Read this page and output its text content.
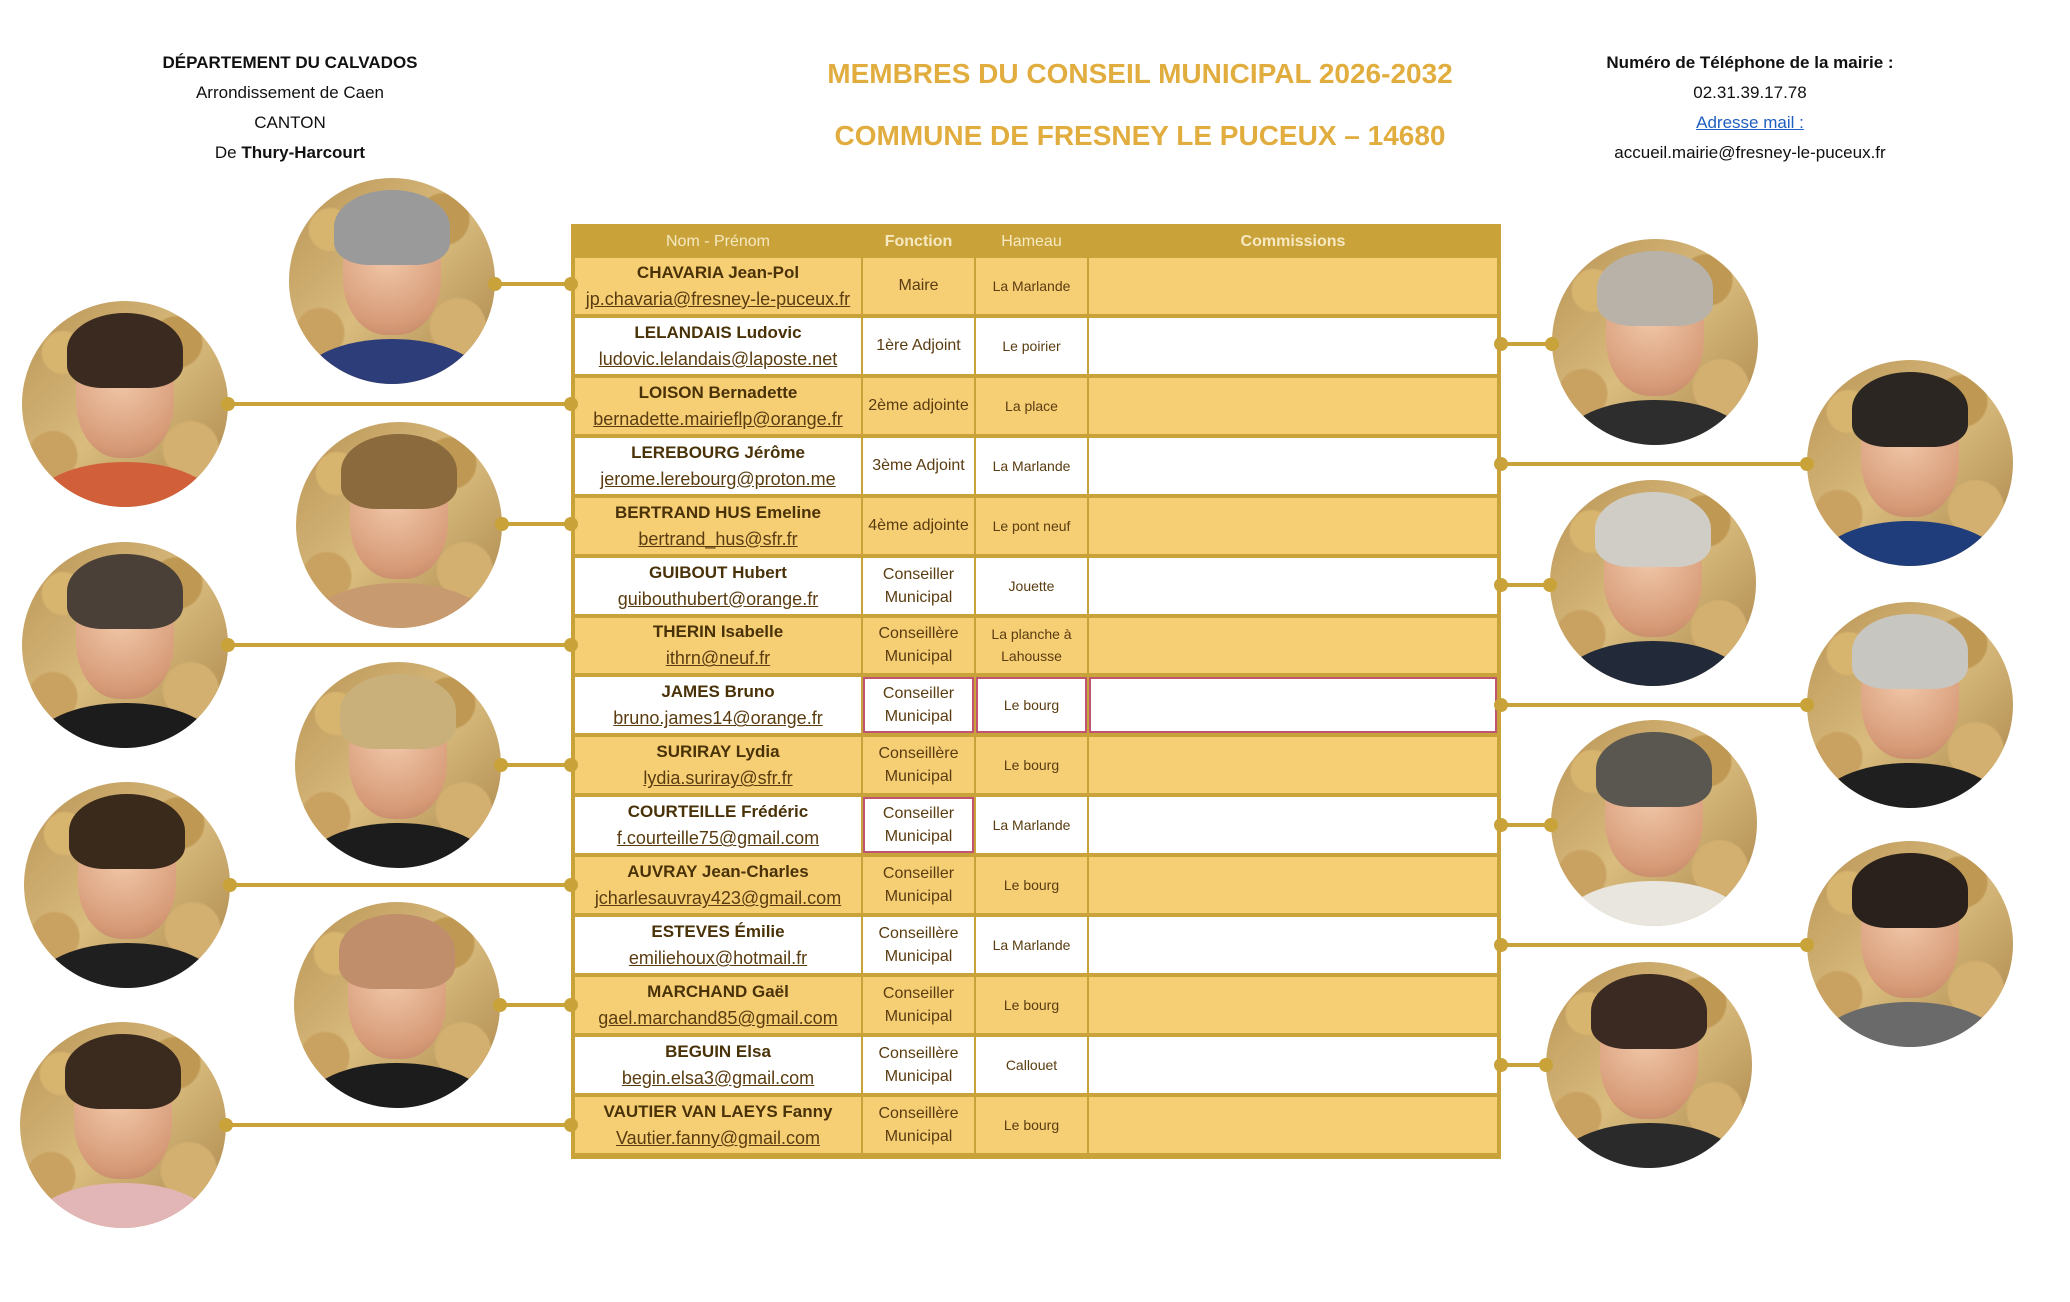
DÉPARTEMENT DU CALVADOS
Arrondissement de Caen
CANTON
De Thury-Harcourt
MEMBRES DU CONSEIL MUNICIPAL 2026-2032
COMMUNE DE FRESNEY LE PUCEUX – 14680
Numéro de Téléphone de la mairie :
02.31.39.17.78
Adresse mail :
accueil.mairie@fresney-le-puceux.fr
Nom - Prénom	Fonction	Hameau	Commissions

CHAVARIA Jean-Pol
jp.chavaria@fresney-le-puceux.fr	Maire	La Marlande	

LELANDAIS Ludovic
ludovic.lelandais@laposte.net	1ère Adjoint	Le poirier	

LOISON Bernadette
bernadette.mairieflp@orange.fr	2ème adjointe	La place	

LEREBOURG Jérôme
jerome.lerebourg@proton.me	3ème Adjoint	La Marlande	

BERTRAND HUS Emeline
bertrand_hus@sfr.fr	4ème adjointe	Le pont neuf	

GUIBOUT Hubert
guibouthubert@orange.fr	Conseiller Municipal	Jouette	

THERIN Isabelle
ithrn@neuf.fr	Conseillère Municipal	La planche à Lahousse	

JAMES Bruno
bruno.james14@orange.fr	Conseiller Municipal	Le bourg	

SURIRAY Lydia
lydia.suriray@sfr.fr	Conseillère Municipal	Le bourg	

COURTEILLE Frédéric
f.courteille75@gmail.com	Conseiller Municipal	La Marlande	

AUVRAY Jean-Charles
jcharlesauvray423@gmail.com	Conseiller Municipal	Le bourg	

ESTEVES Émilie
emiliehoux@hotmail.fr	Conseillère Municipal	La Marlande	

MARCHAND Gaël
gael.marchand85@gmail.com	Conseiller Municipal	Le bourg	

BEGUIN Elsa
begin.elsa3@gmail.com	Conseillère Municipal	Callouet	

VAUTIER VAN LAEYS Fanny
Vautier.fanny@gmail.com	Conseillère Municipal	Le bourg	
